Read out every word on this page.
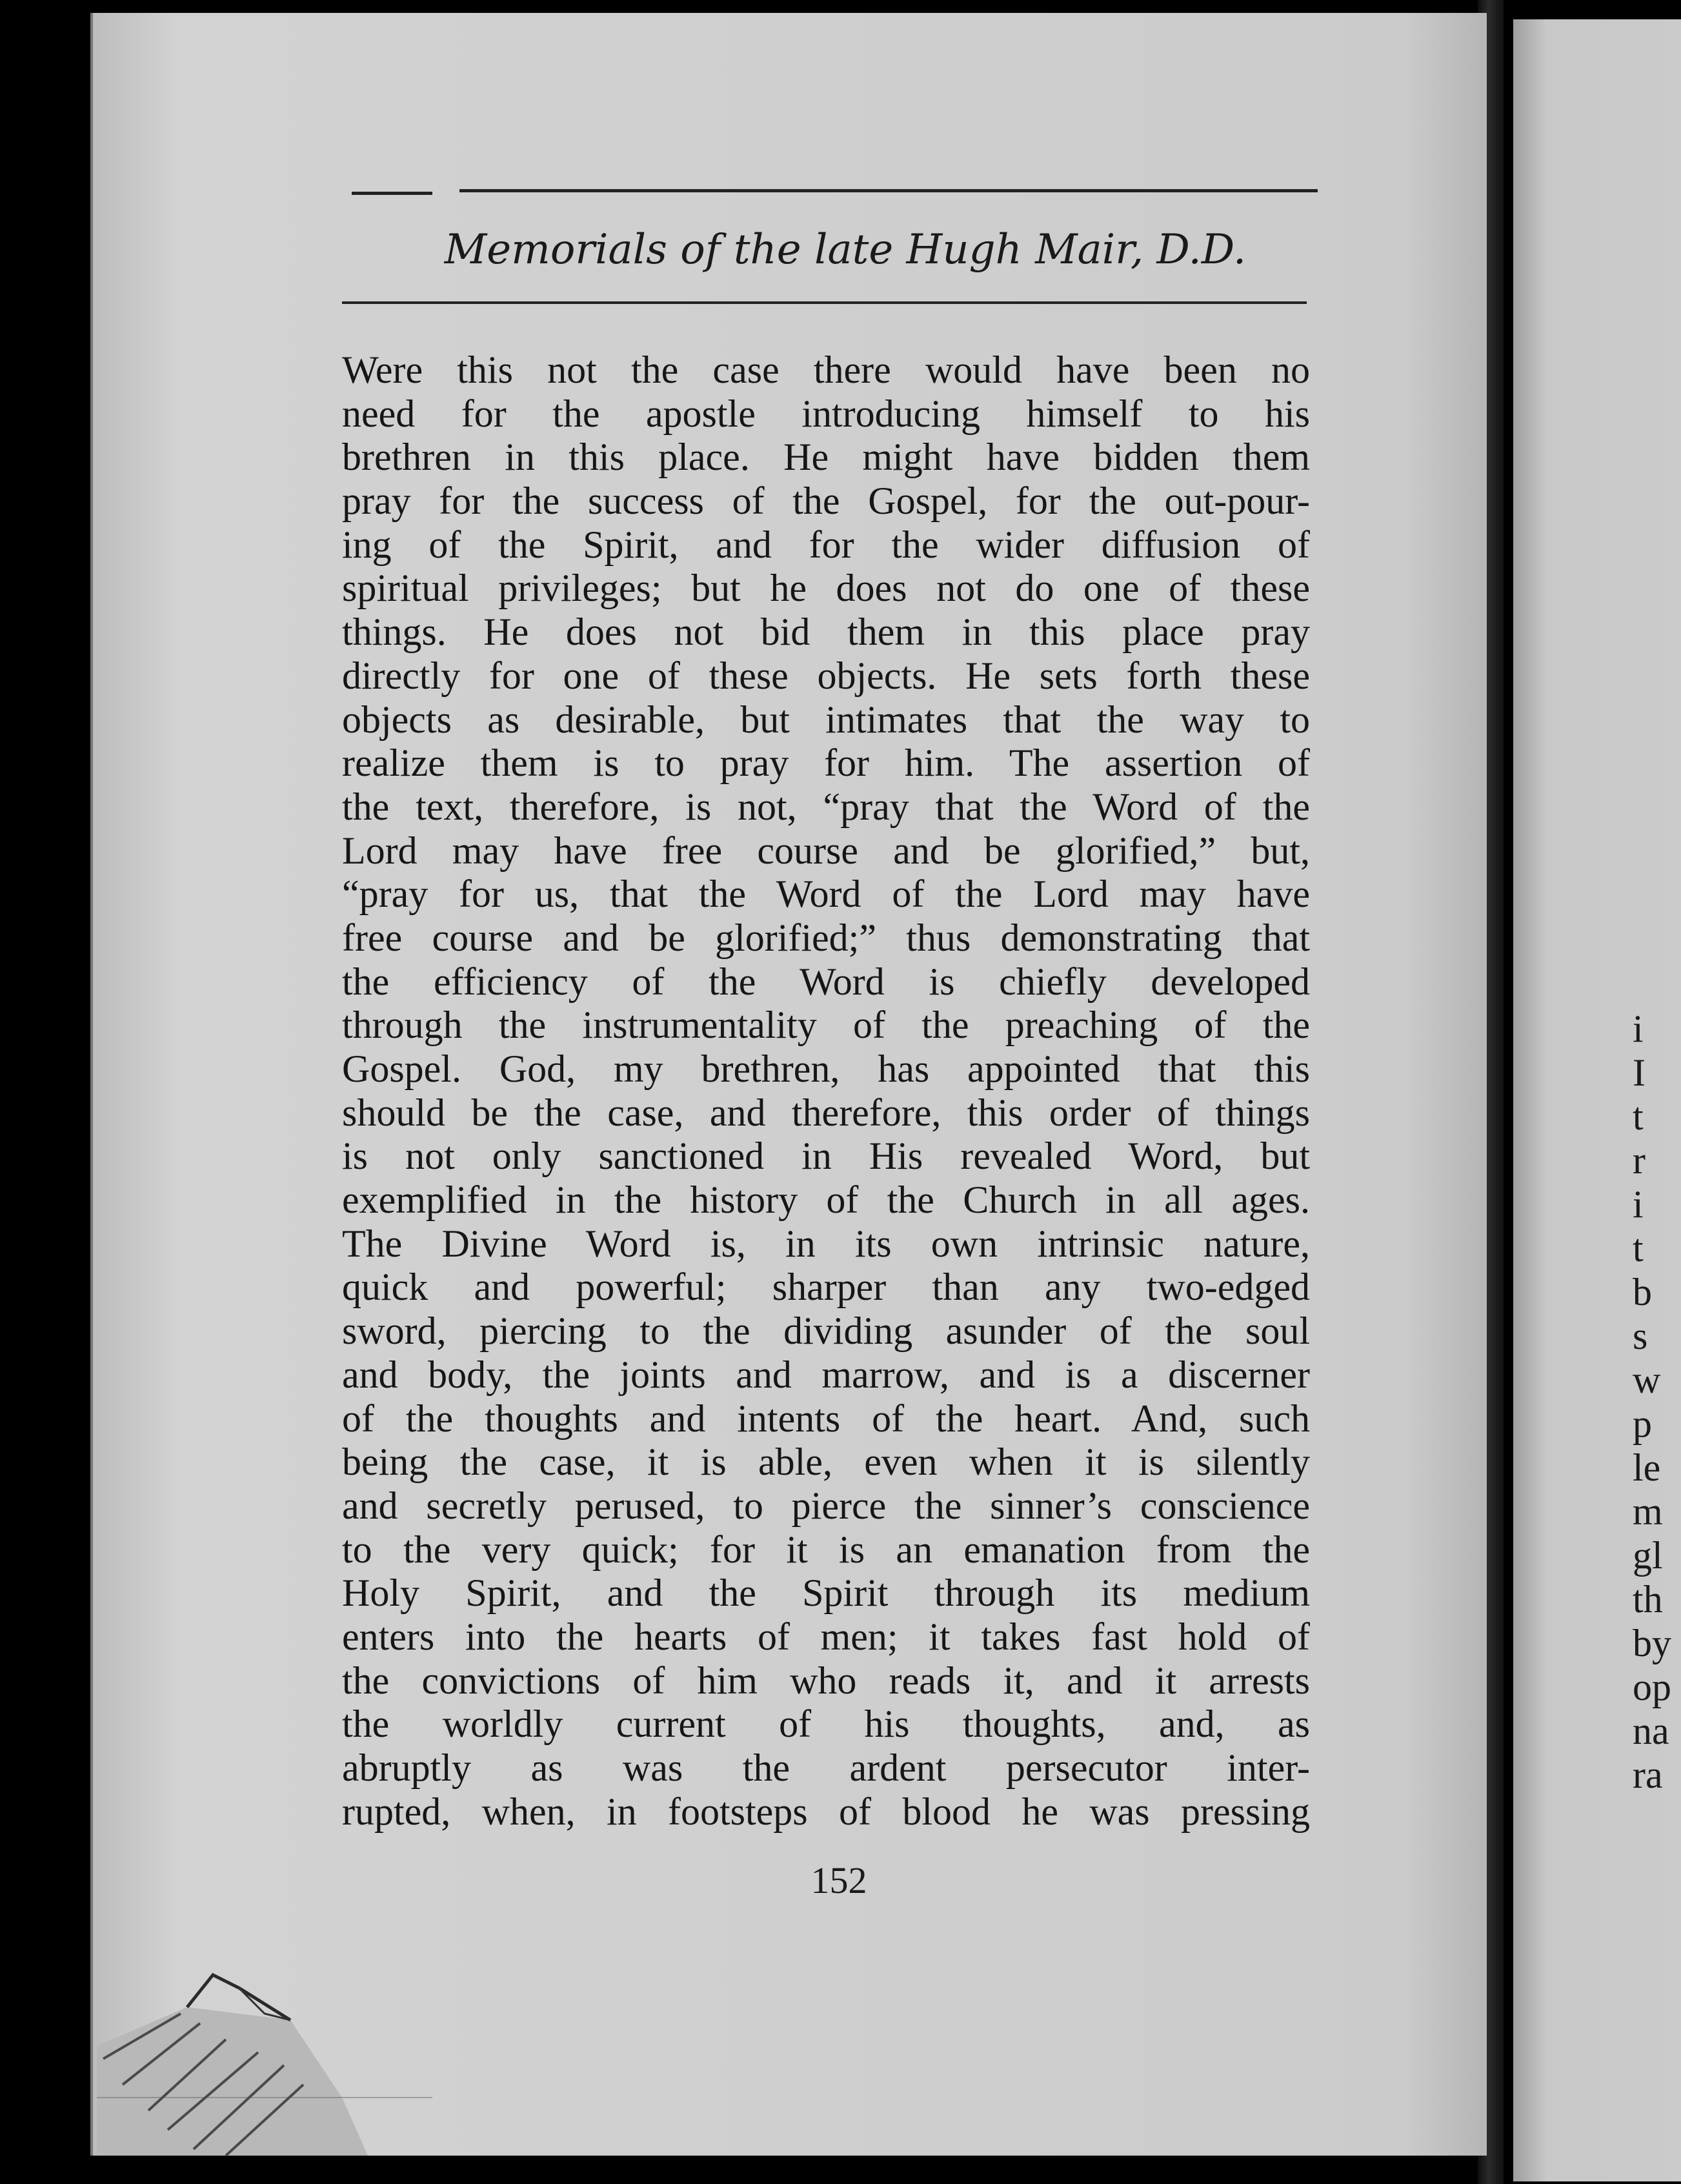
i
I
t
r
i
t
b
s
w
p
le
m
gl
th
by
op
na
ra
Memorials of the late Hugh Mair, D.D.
Were this not the case there would have been no
need for the apostle introducing himself to his
brethren in this place. He might have bidden them
pray for the success of the Gospel, for the out-pour-
ing of the Spirit, and for the wider diffusion of
spiritual privileges; but he does not do one of these
things. He does not bid them in this place pray
directly for one of these objects. He sets forth these
objects as desirable, but intimates that the way to
realize them is to pray for him. The assertion of
the text, therefore, is not, “pray that the Word of the
Lord may have free course and be glorified,” but,
“pray for us, that the Word of the Lord may have
free course and be glorified;” thus demonstrating that
the efficiency of the Word is chiefly developed
through the instrumentality of the preaching of the
Gospel. God, my brethren, has appointed that this
should be the case, and therefore, this order of things
is not only sanctioned in His revealed Word, but
exemplified in the history of the Church in all ages.
The Divine Word is, in its own intrinsic nature,
quick and powerful; sharper than any two-edged
sword, piercing to the dividing asunder of the soul
and body, the joints and marrow, and is a discerner
of the thoughts and intents of the heart. And, such
being the case, it is able, even when it is silently
and secretly perused, to pierce the sinner’s conscience
to the very quick; for it is an emanation from the
Holy Spirit, and the Spirit through its medium
enters into the hearts of men; it takes fast hold of
the convictions of him who reads it, and it arrests
the worldly current of his thoughts, and, as
abruptly as was the ardent persecutor inter-
rupted, when, in footsteps of blood he was pressing
152
